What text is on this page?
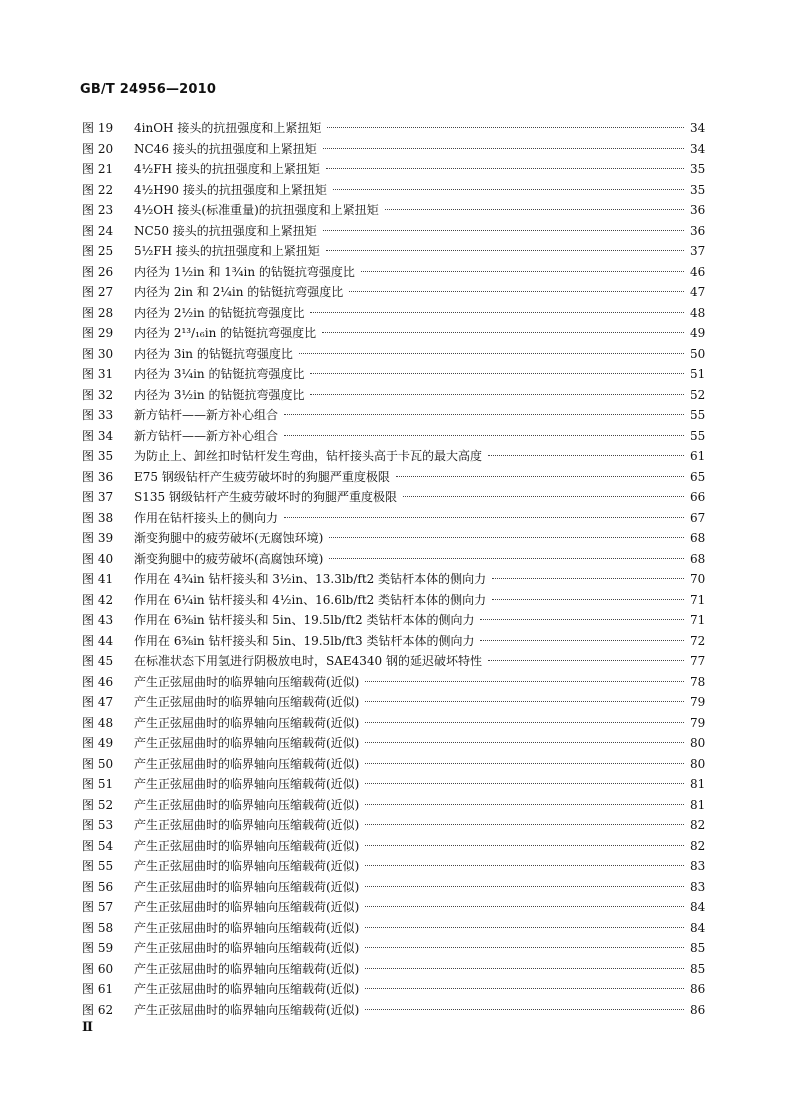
GB/T 24956—2010
图 19	4inOH 接头的抗扭强度和上紧扭矩	34
图 20	NC46 接头的抗扭强度和上紧扭矩	34
图 21	4½FH 接头的抗扭强度和上紧扭矩	35
图 22	4½H90 接头的抗扭强度和上紧扭矩	35
图 23	4½OH 接头(标准重量)的抗扭强度和上紧扭矩	36
图 24	NC50 接头的抗扭强度和上紧扭矩	36
图 25	5½FH 接头的抗扭强度和上紧扭矩	37
图 26	内径为 1½in 和 1¾in 的钻铤抗弯强度比	46
图 27	内径为 2in 和 2¼in 的钻铤抗弯强度比	47
图 28	内径为 2½in 的钻铤抗弯强度比	48
图 29	内径为 2¹³/₁₆in 的钻铤抗弯强度比	49
图 30	内径为 3in 的钻铤抗弯强度比	50
图 31	内径为 3¼in 的钻铤抗弯强度比	51
图 32	内径为 3½in 的钻铤抗弯强度比	52
图 33	新方钻杆——新方补心组合	55
图 34	新方钻杆——新方补心组合	55
图 35	为防止上、卸丝扣时钻杆发生弯曲，钻杆接头高于卡瓦的最大高度	61
图 36	E75 钢级钻杆产生疲劳破坏时的狗腿严重度极限	65
图 37	S135 钢级钻杆产生疲劳破坏时的狗腿严重度极限	66
图 38	作用在钻杆接头上的侧向力	67
图 39	渐变狗腿中的疲劳破坏(无腐蚀环境)	68
图 40	渐变狗腿中的疲劳破坏(高腐蚀环境)	68
图 41	作用在 4¾in 钻杆接头和 3½in、13.3lb/ft2 类钻杆本体的侧向力	70
图 42	作用在 6¼in 钻杆接头和 4½in、16.6lb/ft2 类钻杆本体的侧向力	71
图 43	作用在 6⅜in 钻杆接头和 5in、19.5lb/ft2 类钻杆本体的侧向力	71
图 44	作用在 6⅜in 钻杆接头和 5in、19.5lb/ft3 类钻杆本体的侧向力	72
图 45	在标准状态下用氢进行阴极放电时，SAE4340 钢的延迟破坏特性	77
图 46	产生正弦屈曲时的临界轴向压缩载荷(近似)	78
图 47	产生正弦屈曲时的临界轴向压缩载荷(近似)	79
图 48	产生正弦屈曲时的临界轴向压缩载荷(近似)	79
图 49	产生正弦屈曲时的临界轴向压缩载荷(近似)	80
图 50	产生正弦屈曲时的临界轴向压缩载荷(近似)	80
图 51	产生正弦屈曲时的临界轴向压缩载荷(近似)	81
图 52	产生正弦屈曲时的临界轴向压缩载荷(近似)	81
图 53	产生正弦屈曲时的临界轴向压缩载荷(近似)	82
图 54	产生正弦屈曲时的临界轴向压缩载荷(近似)	82
图 55	产生正弦屈曲时的临界轴向压缩载荷(近似)	83
图 56	产生正弦屈曲时的临界轴向压缩载荷(近似)	83
图 57	产生正弦屈曲时的临界轴向压缩载荷(近似)	84
图 58	产生正弦屈曲时的临界轴向压缩载荷(近似)	84
图 59	产生正弦屈曲时的临界轴向压缩载荷(近似)	85
图 60	产生正弦屈曲时的临界轴向压缩载荷(近似)	85
图 61	产生正弦屈曲时的临界轴向压缩载荷(近似)	86
图 62	产生正弦屈曲时的临界轴向压缩载荷(近似)	86
Ⅱ
